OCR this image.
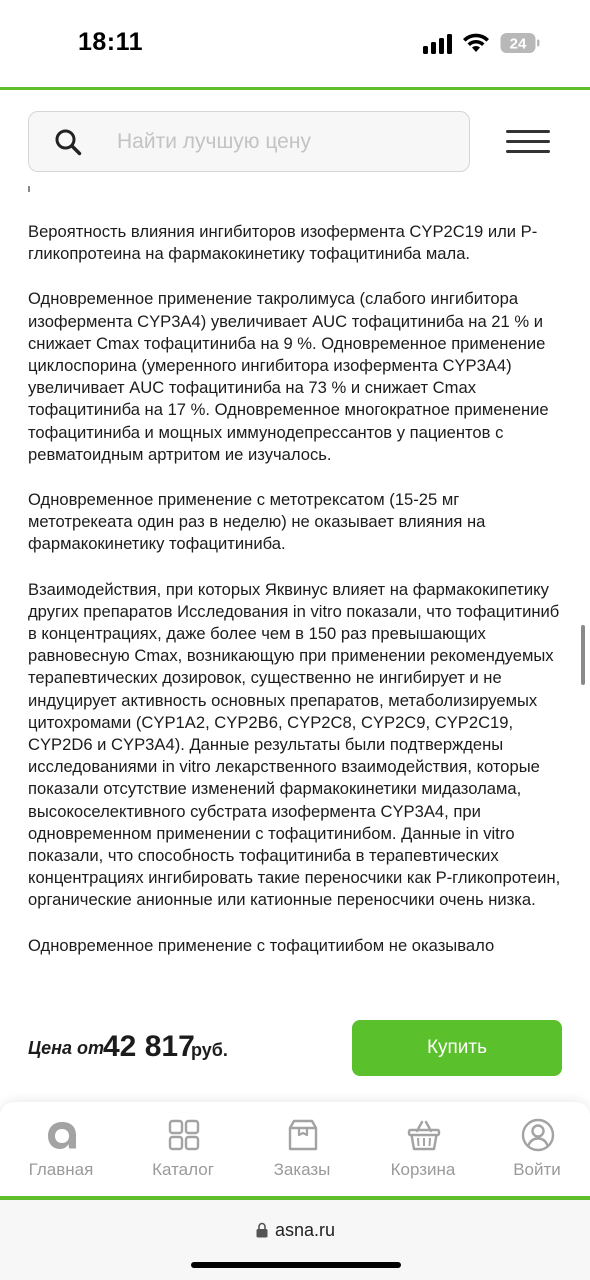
18:11	24
Найти лучшую цену

Вероятность влияния ингибиторов изофермента CYP2C19 или Р-гликопротеина на фармакокинетику тофацитиниба мала.

Одновременное применение такролимуса (слабого ингибитора изофермента CYP3A4) увеличивает AUC тофацитиниба на 21 % и снижает Cmax тофацитиниба на 9 %. Одновременное применение циклоспорина (умеренного ингибитора изофермента CYP3A4) увеличивает AUC тофацитиниба на 73 % и снижает Cmax тофацитиниба на 17 %. Одновременное многократное применение тофацитиниба и мощных иммунодепрессантов у пациентов с ревматоидным артритом ие изучалось.

Одновременное применение с метотрексатом (15-25 мг метотрекеата один раз в неделю) не оказывает влияния на фармакокинетику тофацитиниба.

Взаимодействия, при которых Яквинус влияет на фармакокипетику других препаратов Исследования in vitro показали, что тофацитиниб в концентрациях, даже более чем в 150 раз превышающих равновесную Cmax, возникающую при применении рекомендуемых терапевтических дозировок, существенно не ингибирует и не индуцирует активность основных препаратов, метаболизируемых цитохромами (CYP1A2, CYP2B6, CYP2C8, CYP2C9, CYP2C19, CYP2D6 и CYP3A4). Данные результаты были подтверждены исследованиями in vitro лекарственного взаимодействия, которые показали отсутствие изменений фармакокинетики мидазолама, высокоселективного субстрата изофермента CYP3A4, при одновременном применении с тофацитинибом. Данные in vitro показали, что способность тофацитиниба в терапевтических концентрациях ингибировать такие переносчики как Р-гликопротеин, органические анионные или катионные переносчики очень низка.

Одновременное применение с тофацитиибом не оказывало

Цена от
42 817
руб.	Купить
Главная	Каталог	Заказы	Корзина	Войти
asna.ru
